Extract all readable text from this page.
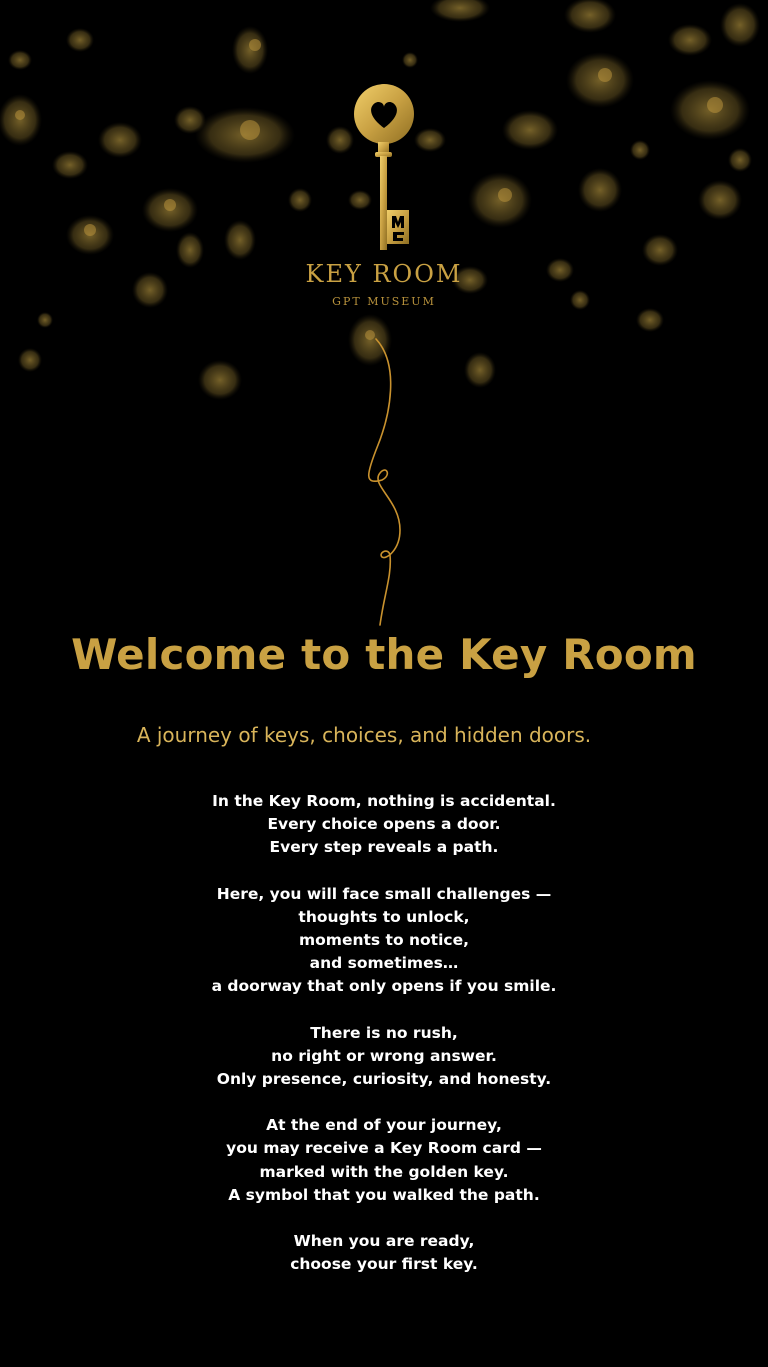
KEY ROOM
GPT MUSEUM
Welcome to the Key Room
A journey of keys, choices, and hidden doors.
In the Key Room, nothing is accidental.
Every choice opens a door.
Every step reveals a path.
Here, you will face small challenges —
thoughts to unlock,
moments to notice,
and sometimes…
a doorway that only opens if you smile.
There is no rush,
no right or wrong answer.
Only presence, curiosity, and honesty.
At the end of your journey,
you may receive a Key Room card —
marked with the golden key.
A symbol that you walked the path.
When you are ready,
choose your first key.
